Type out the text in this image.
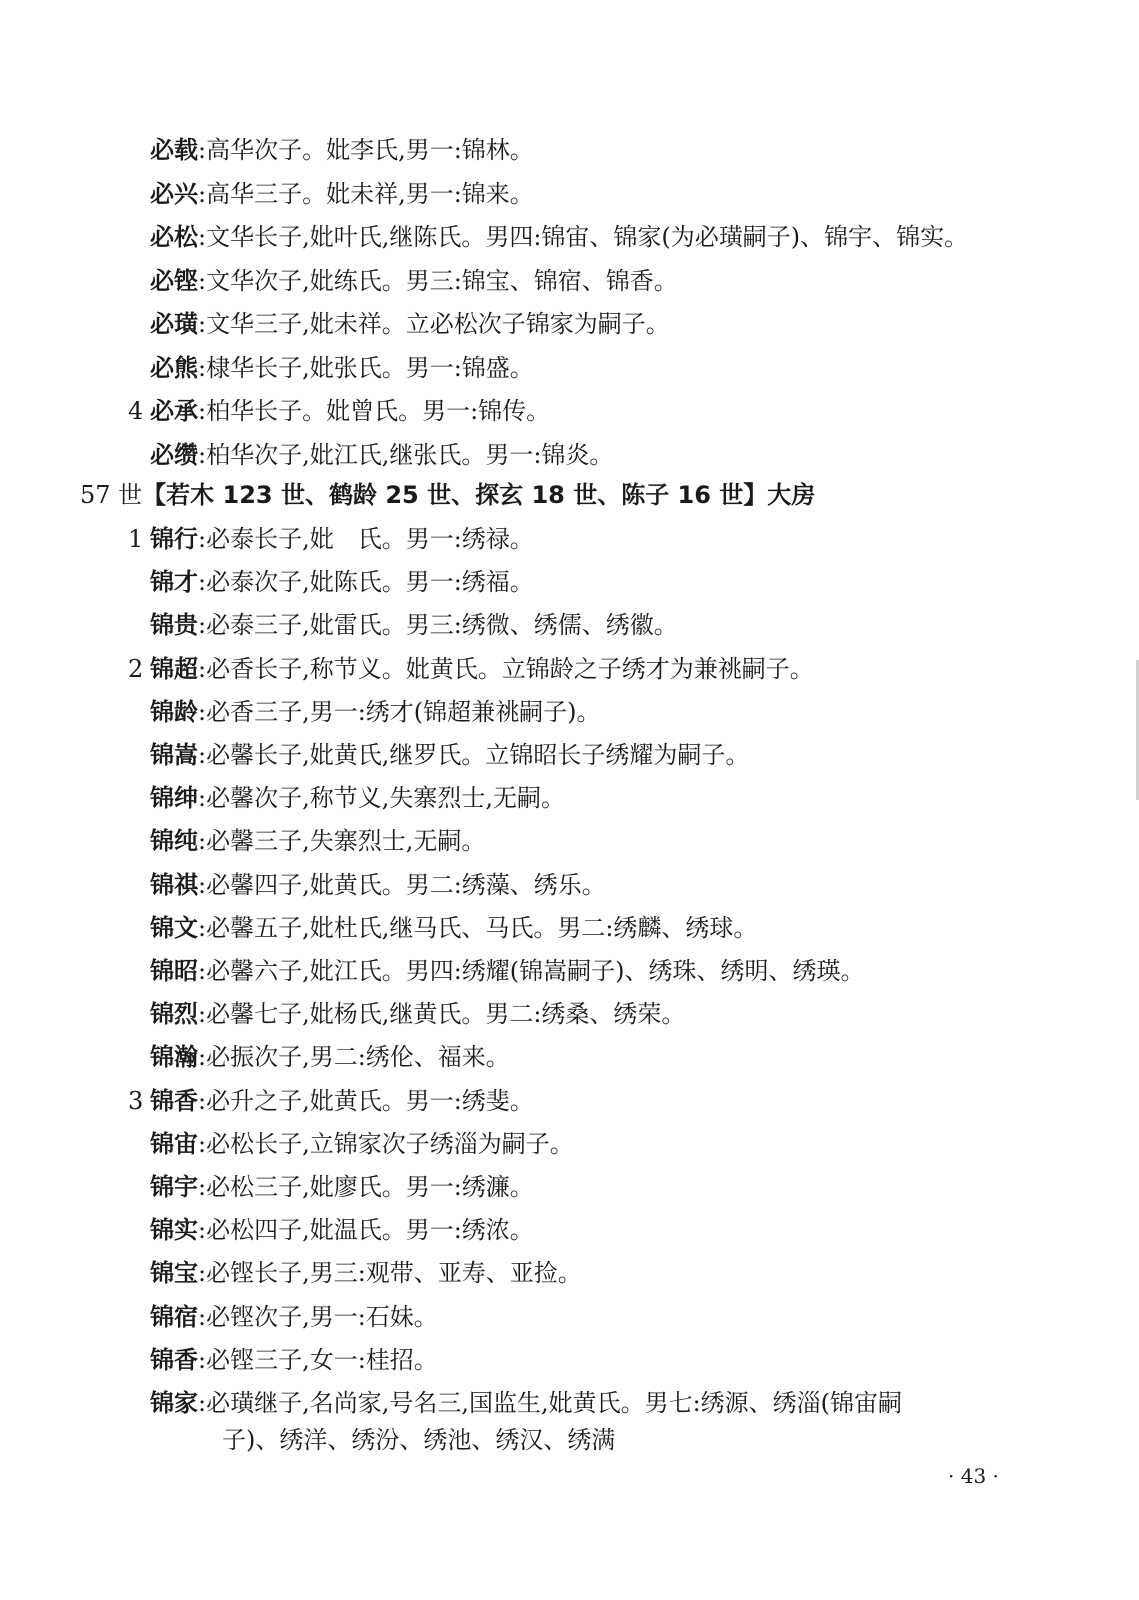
必载:高华次子。妣李氏,男一:锦林。
必兴:高华三子。妣未祥,男一:锦来。
必松:文华长子,妣叶氏,继陈氏。男四:锦宙、锦家(为必璜嗣子)、锦宇、锦实。
必铿:文华次子,妣练氏。男三:锦宝、锦宿、锦香。
必璜:文华三子,妣未祥。立必松次子锦家为嗣子。
必熊:棣华长子,妣张氏。男一:锦盛。
4 必承:柏华长子。妣曾氏。男一:锦传。
必缵:柏华次子,妣江氏,继张氏。男一:锦炎。
57 世【若木 123 世、鹤龄 25 世、探玄 18 世、陈子 16 世】大房
1 锦行:必泰长子,妣　氏。男一:绣禄。
锦才:必泰次子,妣陈氏。男一:绣福。
锦贵:必泰三子,妣雷氏。男三:绣微、绣儒、绣徽。
2 锦超:必香长子,称节义。妣黄氏。立锦龄之子绣才为兼祧嗣子。
锦龄:必香三子,男一:绣才(锦超兼祧嗣子)。
锦嵩:必馨长子,妣黄氏,继罗氏。立锦昭长子绣耀为嗣子。
锦绅:必馨次子,称节义,失寨烈士,无嗣。
锦纯:必馨三子,失寨烈士,无嗣。
锦祺:必馨四子,妣黄氏。男二:绣藻、绣乐。
锦文:必馨五子,妣杜氏,继马氏、马氏。男二:绣麟、绣球。
锦昭:必馨六子,妣江氏。男四:绣耀(锦嵩嗣子)、绣珠、绣明、绣瑛。
锦烈:必馨七子,妣杨氏,继黄氏。男二:绣桑、绣荣。
锦瀚:必振次子,男二:绣伦、福来。
3 锦香:必升之子,妣黄氏。男一:绣斐。
锦宙:必松长子,立锦家次子绣淄为嗣子。
锦宇:必松三子,妣廖氏。男一:绣濂。
锦实:必松四子,妣温氏。男一:绣浓。
锦宝:必铿长子,男三:观带、亚寿、亚捡。
锦宿:必铿次子,男一:石妹。
锦香:必铿三子,女一:桂招。
锦家:必璜继子,名尚家,号名三,国监生,妣黄氏。男七:绣源、绣淄(锦宙嗣
子)、绣洋、绣汾、绣池、绣汉、绣满
· 43 ·
